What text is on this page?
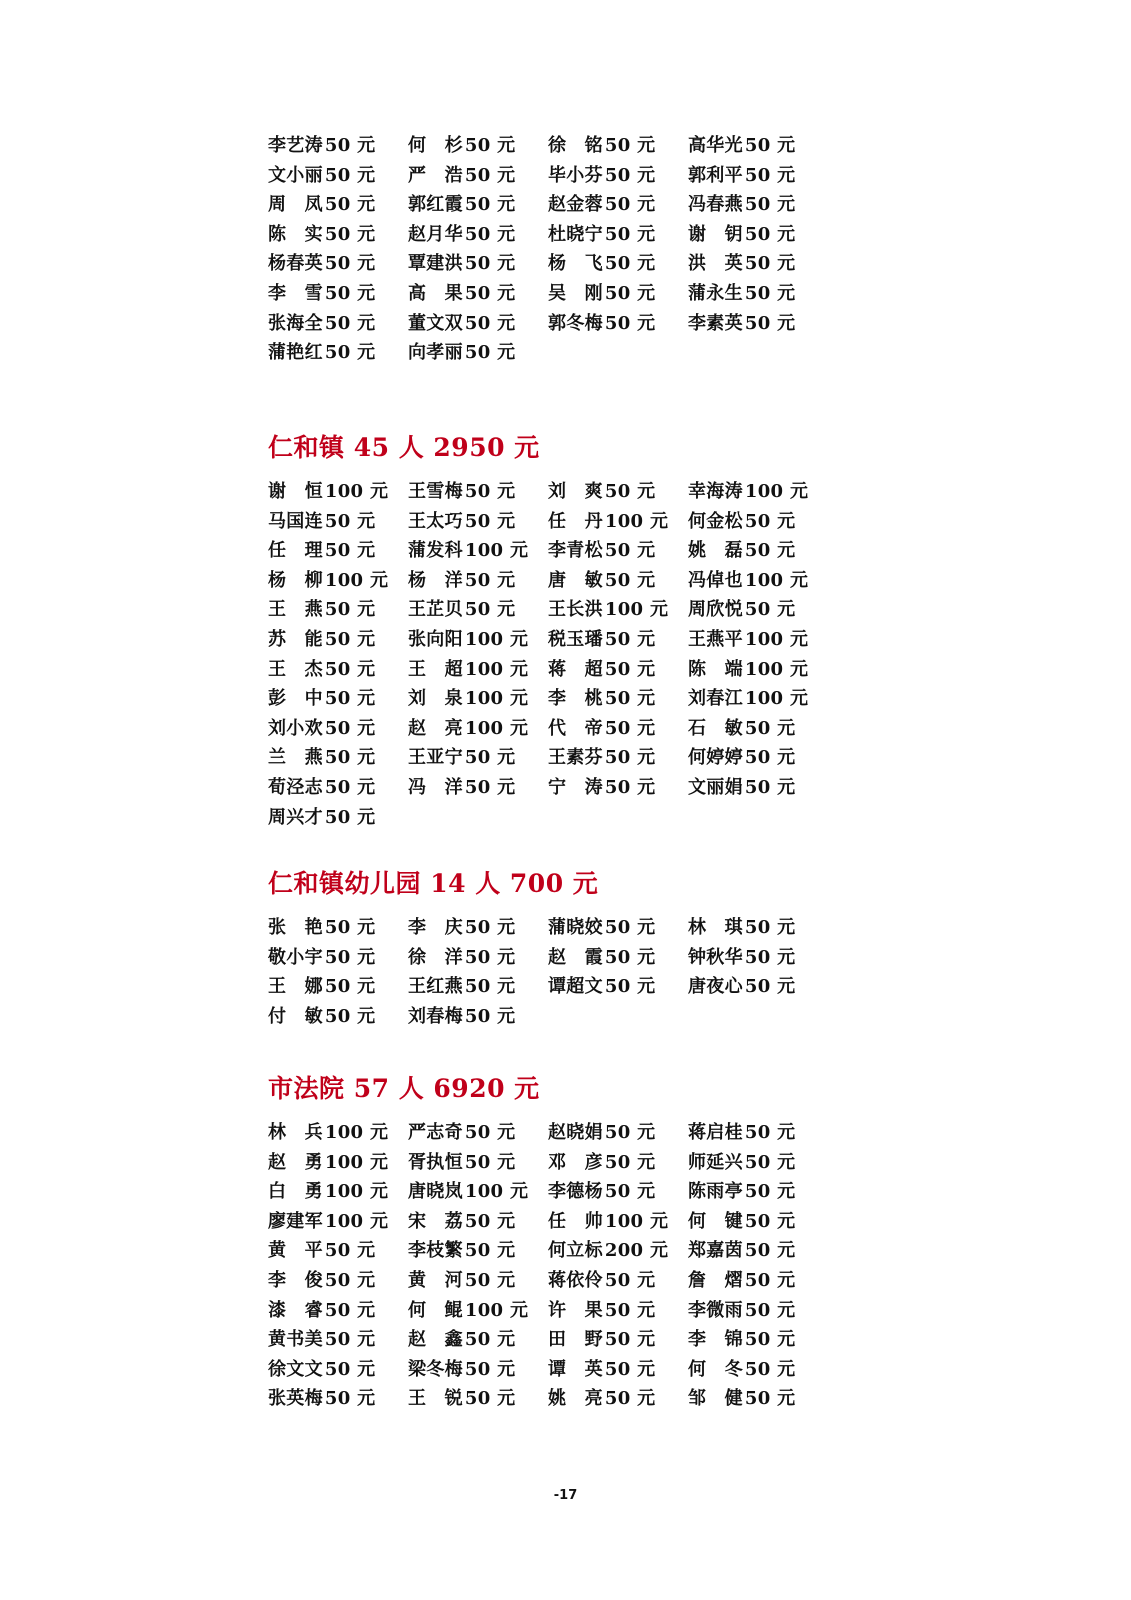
李艺涛 50 元	何　杉 50 元	徐　铭 50 元	高华光 50 元
文小丽 50 元	严　浩 50 元	毕小芬 50 元	郭利平 50 元
周　凤 50 元	郭红霞 50 元	赵金蓉 50 元	冯春燕 50 元
陈　实 50 元	赵月华 50 元	杜晓宁 50 元	谢　钥 50 元
杨春英 50 元	覃建洪 50 元	杨　飞 50 元	洪　英 50 元
李　雪 50 元	高　果 50 元	吴　刚 50 元	蒲永生 50 元
张海全 50 元	董文双 50 元	郭冬梅 50 元	李素英 50 元
蒲艳红 50 元	向孝丽 50 元
仁和镇 45 人 2950 元
谢　恒 100 元	王雪梅 50 元	刘　爽 50 元	幸海涛 100 元
马国连 50 元	王太巧 50 元	任　丹 100 元	何金松 50 元
任　理 50 元	蒲发科 100 元	李青松 50 元	姚　磊 50 元
杨　柳 100 元	杨　洋 50 元	唐　敏 50 元	冯倬也 100 元
王　燕 50 元	王芷贝 50 元	王长洪 100 元	周欣悦 50 元
苏　能 50 元	张向阳 100 元	税玉璠 50 元	王燕平 100 元
王　杰 50 元	王　超 100 元	蒋　超 50 元	陈　端 100 元
彭　中 50 元	刘　泉 100 元	李　桃 50 元	刘春江 100 元
刘小欢 50 元	赵　亮 100 元	代　帝 50 元	石　敏 50 元
兰　燕 50 元	王亚宁 50 元	王素芬 50 元	何婷婷 50 元
荀泾志 50 元	冯　洋 50 元	宁　涛 50 元	文丽娟 50 元
周兴才 50 元
仁和镇幼儿园 14 人 700 元
张　艳 50 元	李　庆 50 元	蒲晓姣 50 元	林　琪 50 元
敬小宇 50 元	徐　洋 50 元	赵　霞 50 元	钟秋华 50 元
王　娜 50 元	王红燕 50 元	谭超文 50 元	唐夜心 50 元
付　敏 50 元	刘春梅 50 元
市法院 57 人 6920 元
林　兵 100 元	严志奇 50 元	赵晓娟 50 元	蒋启桂 50 元
赵　勇 100 元	胥执恒 50 元	邓　彦 50 元	师延兴 50 元
白　勇 100 元	唐晓岚 100 元	李德杨 50 元	陈雨亭 50 元
廖建军 100 元	宋　荔 50 元	任　帅 100 元	何　键 50 元
黄　平 50 元	李枝繁 50 元	何立标 200 元	郑嘉茵 50 元
李　俊 50 元	黄　河 50 元	蒋依伶 50 元	詹　熠 50 元
漆　睿 50 元	何　鲲 100 元	许　果 50 元	李微雨 50 元
黄书美 50 元	赵　鑫 50 元	田　野 50 元	李　锦 50 元
徐文文 50 元	梁冬梅 50 元	谭　英 50 元	何　冬 50 元
张英梅 50 元	王　锐 50 元	姚　亮 50 元	邹　健 50 元
-17
